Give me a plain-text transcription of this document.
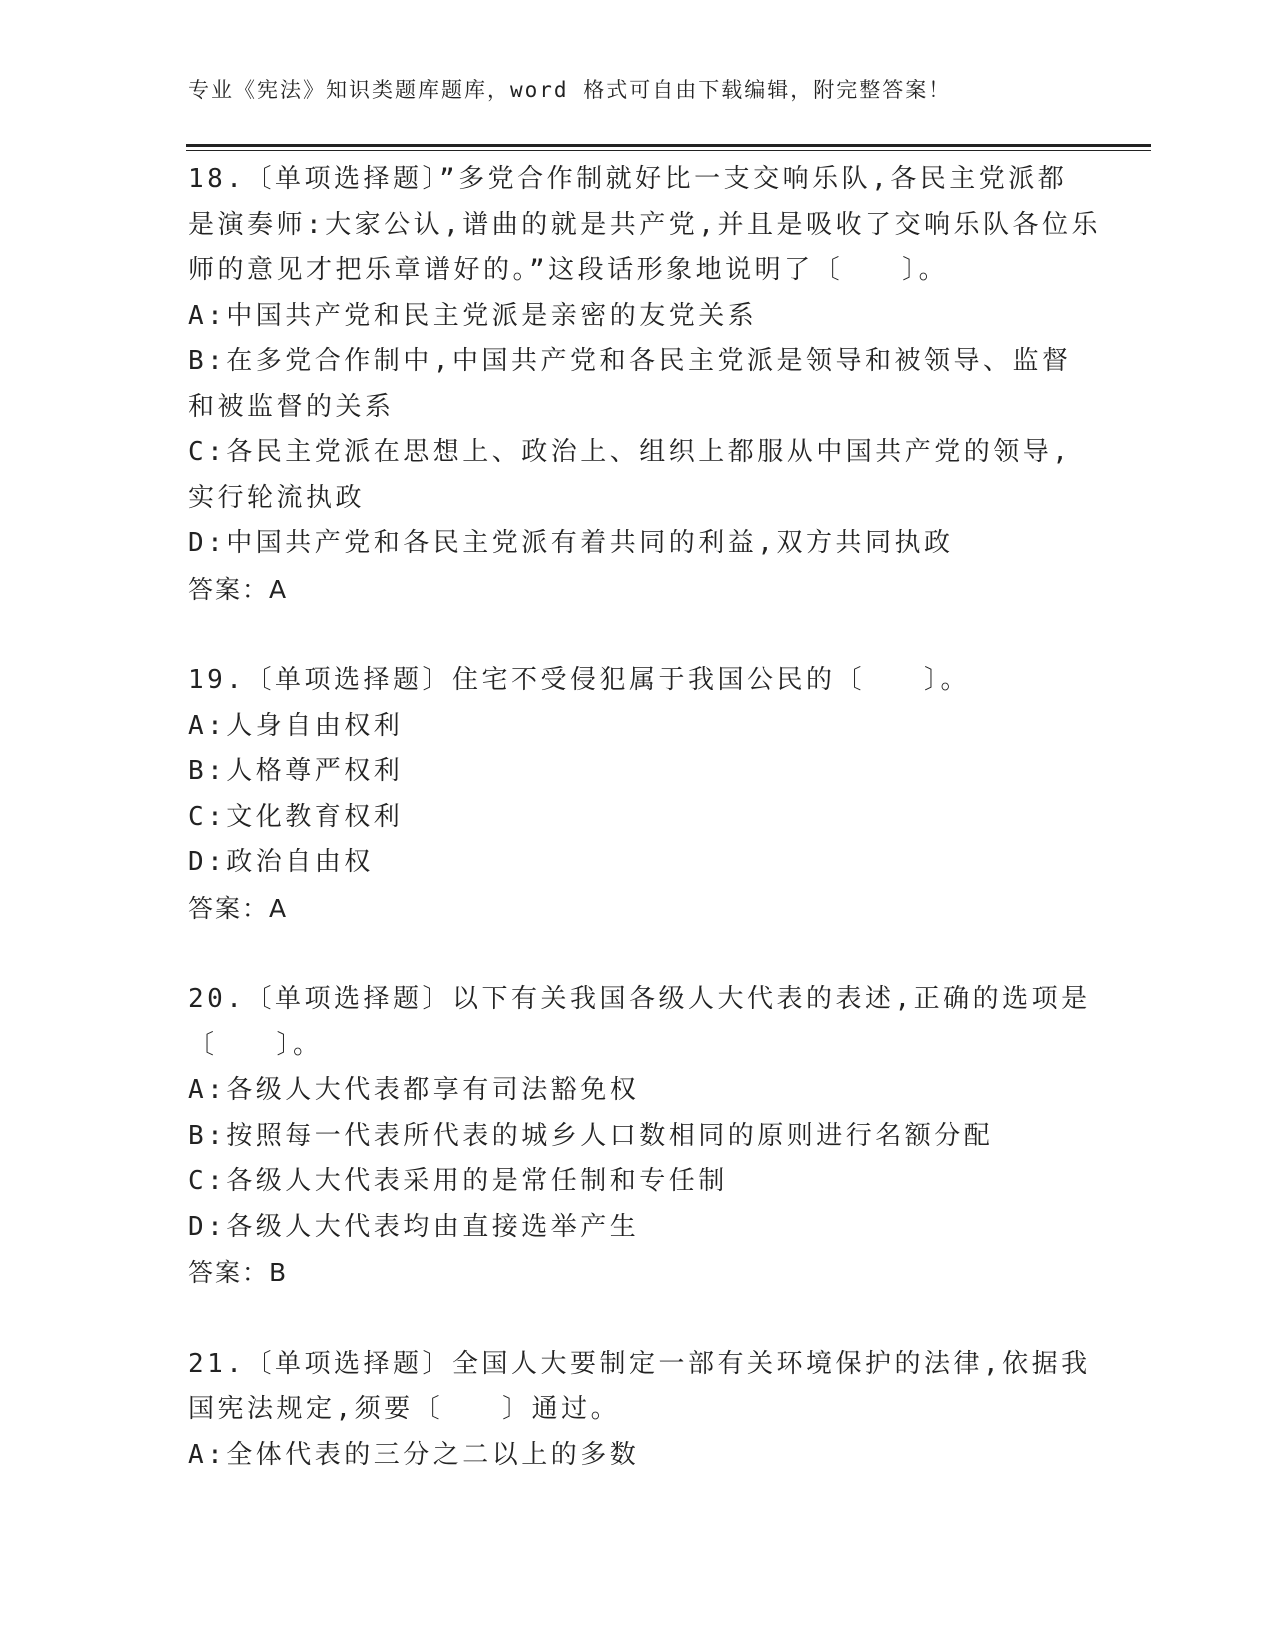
专业《宪法》知识类题库题库，word 格式可自由下载编辑，附完整答案！
18.〔单项选择题〕”多党合作制就好比一支交响乐队,各民主党派都
是演奏师:大家公认,谱曲的就是共产党,并且是吸收了交响乐队各位乐
师的意见才把乐章谱好的。”这段话形象地说明了〔　　〕。
A:中国共产党和民主党派是亲密的友党关系
B:在多党合作制中,中国共产党和各民主党派是领导和被领导、监督
和被监督的关系
C:各民主党派在思想上、政治上、组织上都服从中国共产党的领导,
实行轮流执政
D:中国共产党和各民主党派有着共同的利益,双方共同执政
答案：A
19.〔单项选择题〕住宅不受侵犯属于我国公民的〔　　〕。
A:人身自由权利
B:人格尊严权利
C:文化教育权利
D:政治自由权
答案：A
20.〔单项选择题〕以下有关我国各级人大代表的表述,正确的选项是
〔　　〕。
A:各级人大代表都享有司法豁免权
B:按照每一代表所代表的城乡人口数相同的原则进行名额分配
C:各级人大代表采用的是常任制和专任制
D:各级人大代表均由直接选举产生
答案：B
21.〔单项选择题〕全国人大要制定一部有关环境保护的法律,依据我
国宪法规定,须要〔　　〕通过。
A:全体代表的三分之二以上的多数
